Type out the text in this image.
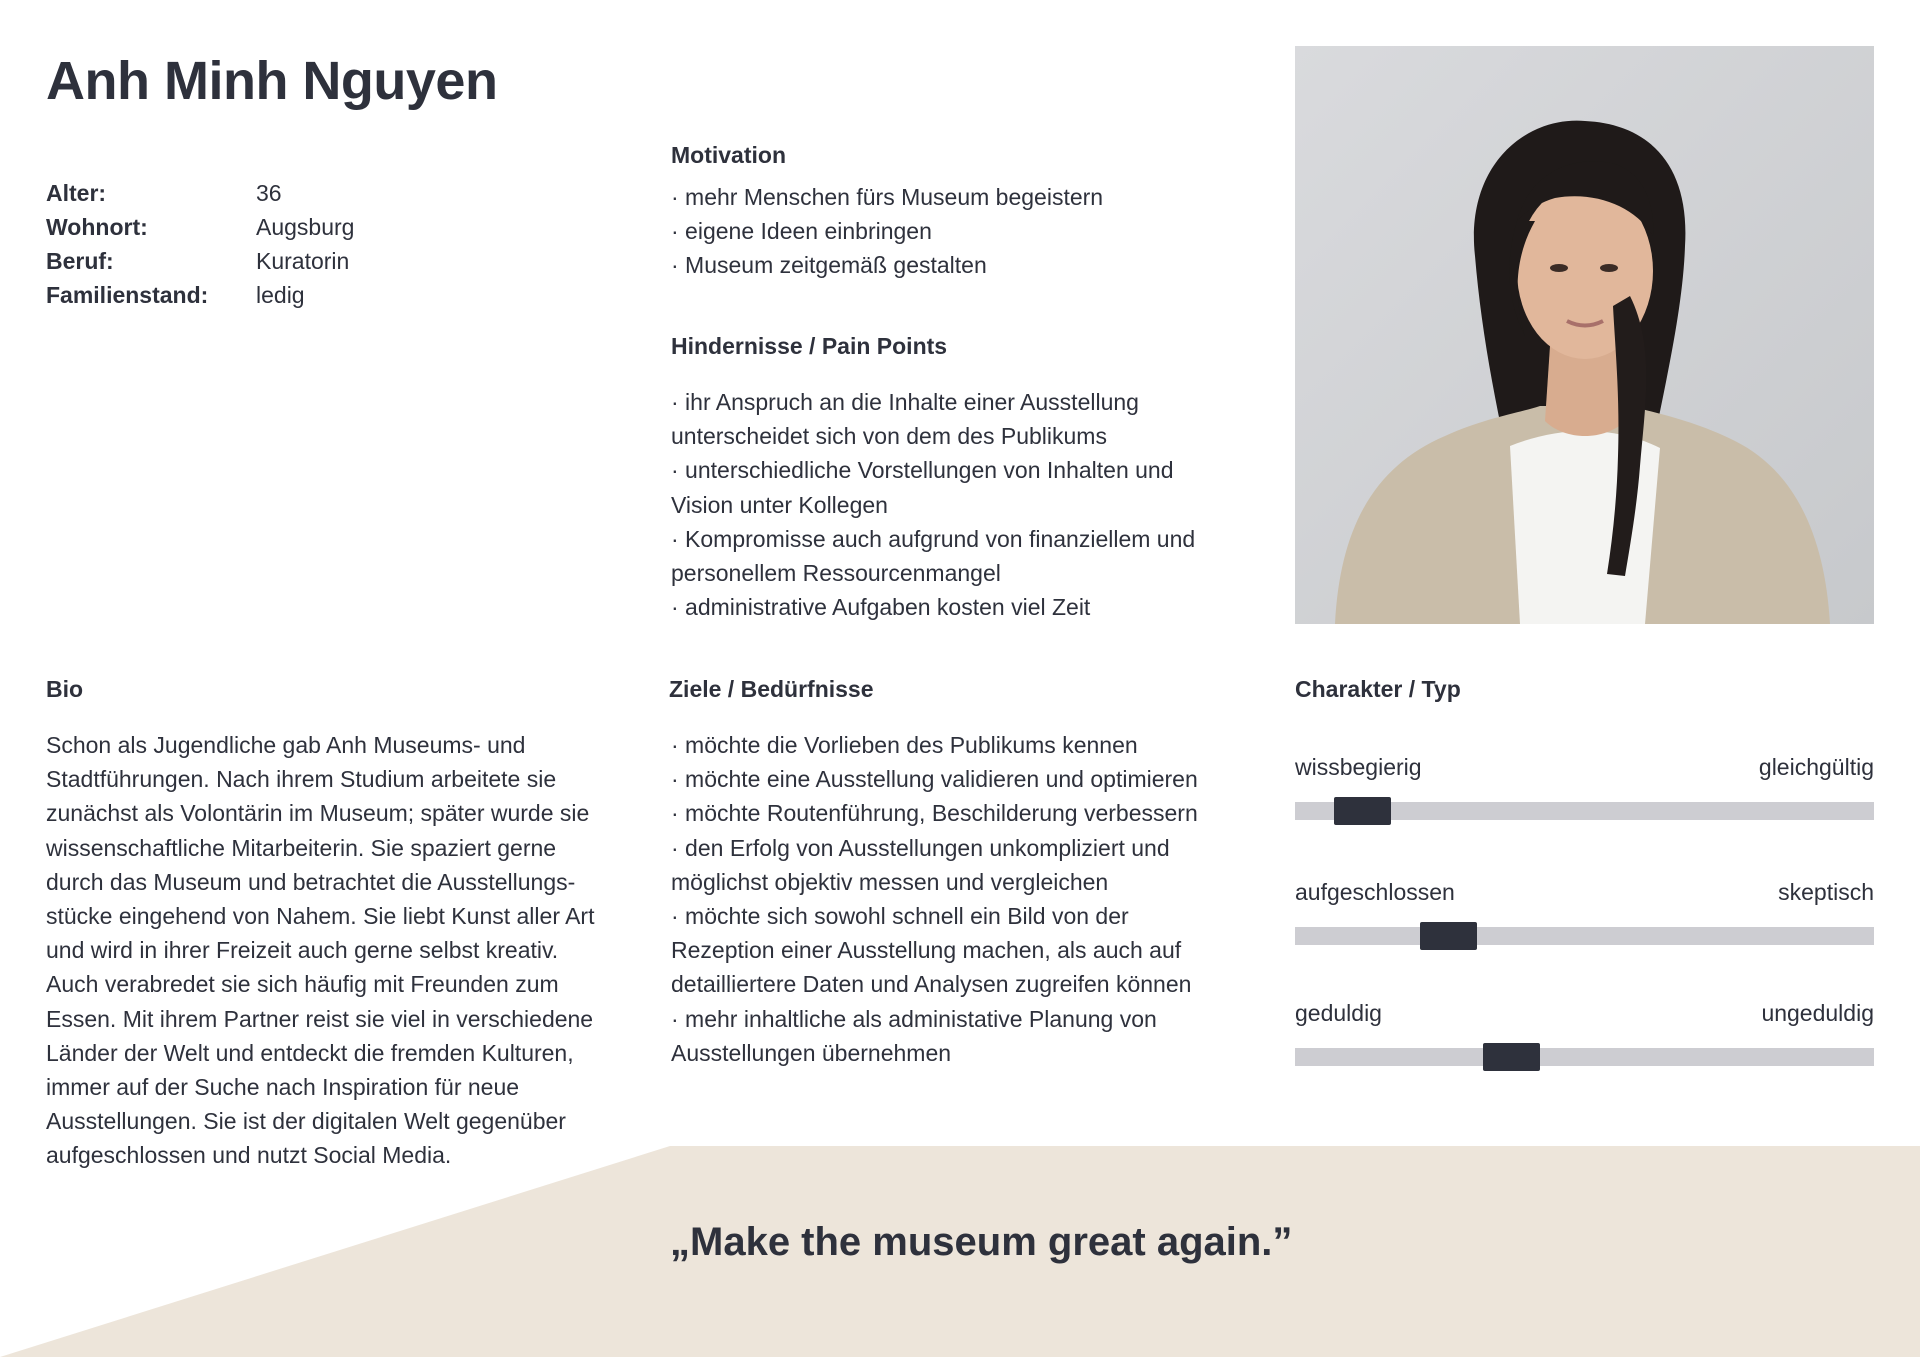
Anh Minh Nguyen
Alter:	36
Wohnort:	Augsburg
Beruf:	Kuratorin
Familienstand:	ledig
Motivation
· mehr Menschen fürs Museum begeistern
· eigene Ideen einbringen
· Museum zeitgemäß gestalten
Hindernisse / Pain Points
· ihr Anspruch an die Inhalte einer Ausstellung
unterscheidet sich von dem des Publikums
· unterschiedliche Vorstellungen von Inhalten und
Vision unter Kollegen
· Kompromisse auch aufgrund von finanziellem und
personellem Ressourcenmangel
· administrative Aufgaben kosten viel Zeit
Bio
Schon als Jugendliche gab Anh Museums- und
Stadtführungen. Nach ihrem Studium arbeitete sie
zunächst als Volontärin im Museum; später wurde sie
wissenschaftliche Mitarbeiterin. Sie spaziert gerne
durch das Museum und betrachtet die Ausstellungs-
stücke eingehend von Nahem. Sie liebt Kunst aller Art
und wird in ihrer Freizeit auch gerne selbst kreativ.
Auch verabredet sie sich häufig mit Freunden zum
Essen. Mit ihrem Partner reist sie viel in verschiedene
Länder der Welt und entdeckt die fremden Kulturen,
immer auf der Suche nach Inspiration für neue
Ausstellungen. Sie ist der digitalen Welt gegenüber
aufgeschlossen und nutzt Social Media.
Ziele / Bedürfnisse
· möchte die Vorlieben des Publikums kennen
· möchte eine Ausstellung validieren und optimieren
· möchte Routenführung, Beschilderung verbessern
· den Erfolg von Ausstellungen unkompliziert und
möglichst objektiv messen und vergleichen
· möchte sich sowohl schnell ein Bild von der
Rezeption einer Ausstellung machen, als auch auf
detailliertere Daten und Analysen zugreifen können
· mehr inhaltliche als administative Planung von
Ausstellungen übernehmen
Charakter / Typ
wissbegierig	gleichgültig
aufgeschlossen	skeptisch
geduldig	ungeduldig
„Make the museum great again.”
